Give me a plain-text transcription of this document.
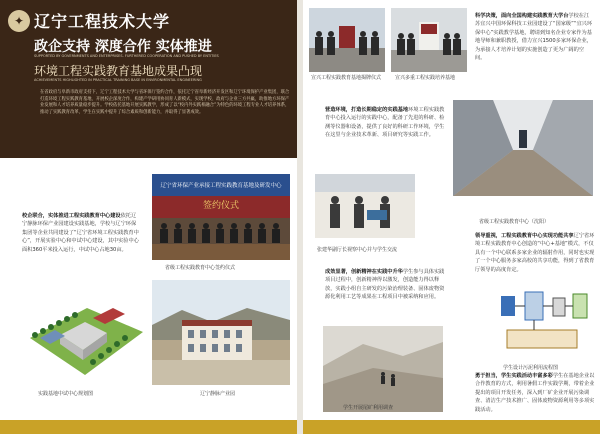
✦ 辽宁工程技术大学
政企支持 深度合作 实体推进
SUPPORTED BY GOVERNMENTS AND ENTERPRISES. FURTHERED COOPERATION AND PUSHED BY ENTITIES
环境工程实践教育基地成果凸现
ACHIEVEMENTS HIGHLIGHTED IN PRACTICAL TRAINING BASE IN ENVIRONMENTAL ENGINEERING
在省政府与阜新市政府支持下，辽宁工程技术大学与省环保厅签约合作，依托辽宁省阜新经济开发区和辽宁环境保护产业集团，联合打造环境工程实践教育基地，开展校企深度合作，构建产学研用协同育人新模式，实现学校、政府与企业三方共赢，助推地方环保产业发展和人才培养质量稳步提升。学校依托基地开展实践教学，形成了以“校内外实践相融合”为特色的环境工程专业人才培养体系，推动了实践教育改革，学生在实践中提升了综合素质和创新能力，并取得了显著成效。
校企联合，实体推进工程实践教育中心建设依托辽宁静脉环保产业园建设实践基地，学校与辽宁环保集团等企业共同建设了“辽宁省环境工程实践教育中心”，开展实验中心和中试中心建设，其中实验中心面积360平米投入运行，中试中心占地30亩。
辽宁省环保产业承接工程实践教育基地及研发中心
签约仪式
省级工程实践教育中心签约仪式
实践基地中试中心规划图	辽宁静脉产业园
宣兴工程实践教育基地揭牌仪式	宣兴多重工程实践培养基地
科学决策，面向全国构建实践教育大学台学校在江苏宜兴中国环保科技工业园建设了“国家级”“宜兴环保中心”实践教学基地，聘请到知名企业专家作为基地导师和兼职教授，借力宣兴1500多家环保企业，为承接人才培养计划的实施创造了更为广阔的空间。
营造环境，打造长期稳定的实践基地环境工程实践教育中心投入运行的实践中心，配备了先进的科研、检测等仪器和设备，提供了良好的科研工作环境，学生在这里与企业技术革新、项目研究等实践工作。
省级工程实践教育中心（沈阳）
张建华副厅长视察中心并与学生交流
领导重视，工程实践教育中心实现功能共享辽宁省环境工程实践教育中心创造的“中心+基地”模式，不仅具有一个中心联系多家企业的辐射作用，同时也实现了一个中心服务多家高校的共享功能，得到了省教育厅领导的高度肯定。
成效显著，创新精神在实践中升华学生参与具体实践项目过程中，创新精神得以激发，创造能力得以释放，实践小组自主研发的污染治理装备、固体废物资源化利用工艺等成果在工程项目中被采纳和应用。
学生设计污泥利用流程图
学生开展尾矿利用调查
勇于担当，学生实践活动丰富多彩学生在基地企业以合作教育的方式，利用暑假工作实践学期，带着企业提出的项目开发任务，深入到厂矿企业开展污染调查、清洁生产技术推广、固体废物资源利用等多项实践活动。
